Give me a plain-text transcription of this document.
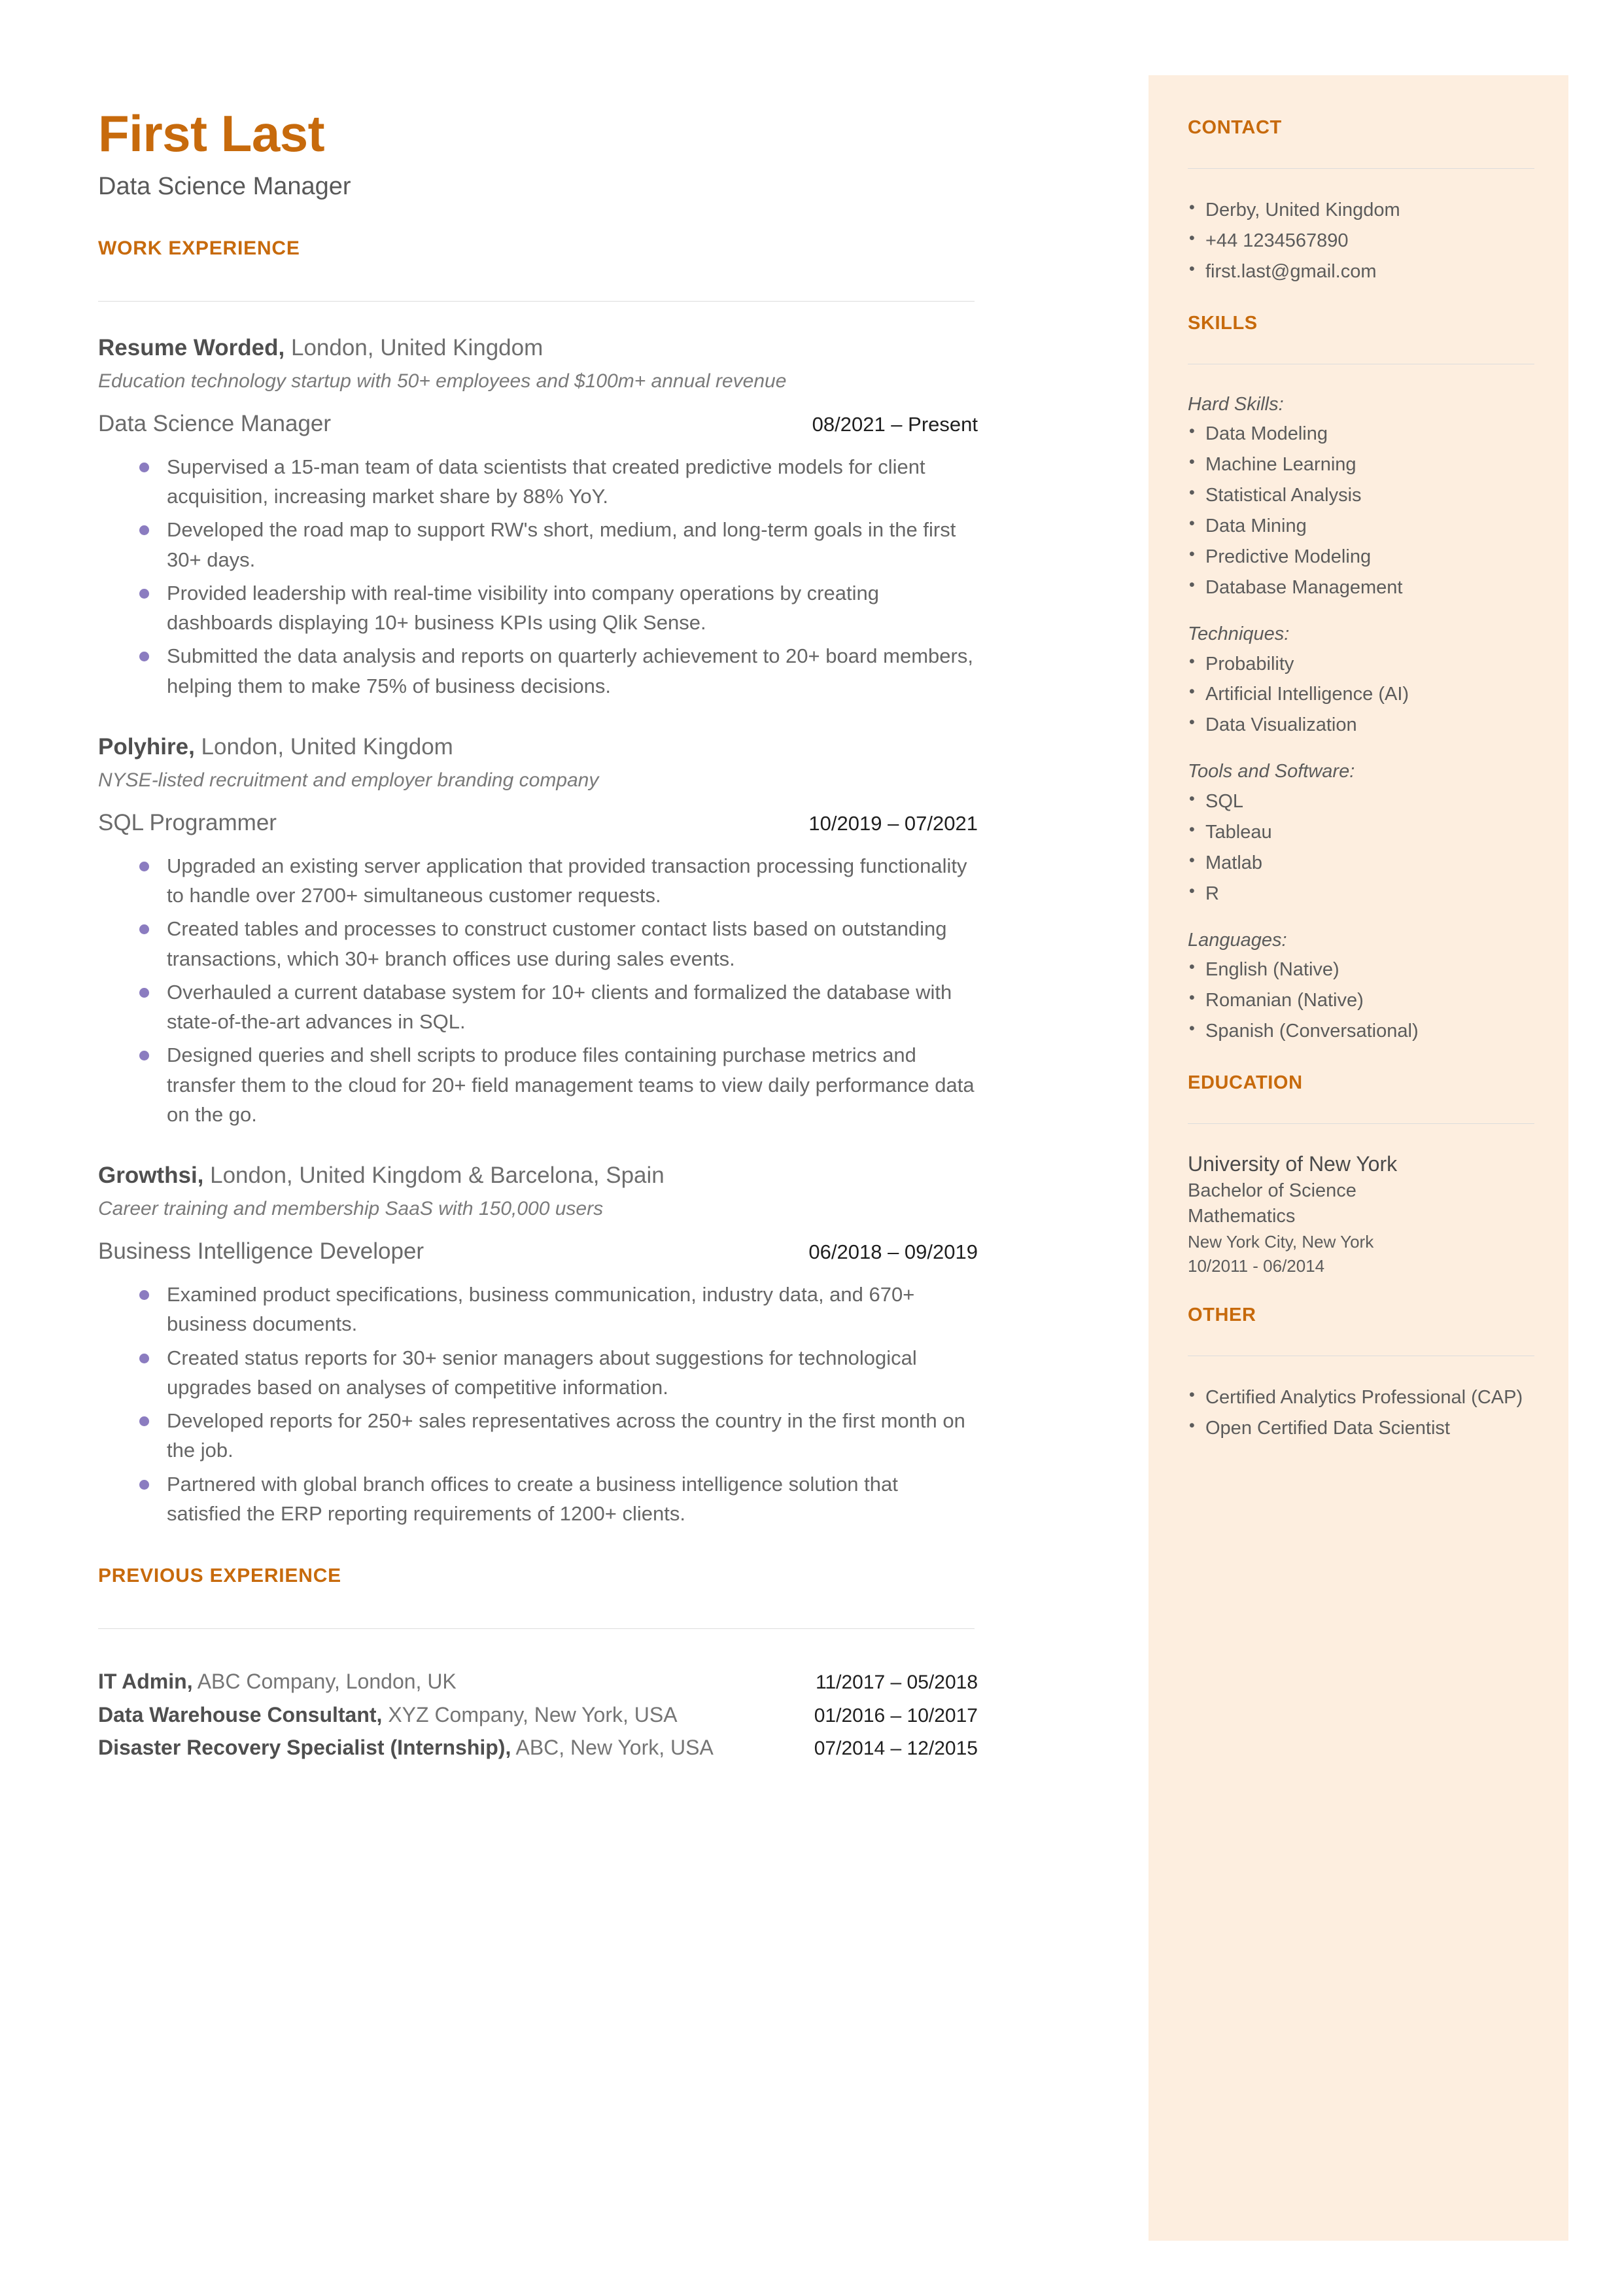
First Last
Data Science Manager
WORK EXPERIENCE

Resume Worded, London, United Kingdom

Education technology startup with 50+ employees and $100m+ annual revenue

Data Science Manager	08/2021 – Present
Supervised a 15-man team of data scientists that created predictive models for client acquisition, increasing market share by 88% YoY.
Developed the road map to support RW's short, medium, and long-term goals in the first 30+ days.
Provided leadership with real-time visibility into company operations by creating dashboards displaying 10+ business KPIs using Qlik Sense.
Submitted the data analysis and reports on quarterly achievement to 20+ board members, helping them to make 75% of business decisions.

Polyhire, London, United Kingdom

NYSE-listed recruitment and employer branding company

SQL Programmer	10/2019 – 07/2021
Upgraded an existing server application that provided transaction processing functionality to handle over 2700+ simultaneous customer requests.
Created tables and processes to construct customer contact lists based on outstanding transactions, which 30+ branch offices use during sales events.
Overhauled a current database system for 10+ clients and formalized the database with state-of-the-art advances in SQL.
Designed queries and shell scripts to produce files containing purchase metrics and transfer them to the cloud for 20+ field management teams to view daily performance data on the go.

Growthsi, London, United Kingdom & Barcelona, Spain

Career training and membership SaaS with 150,000 users

Business Intelligence Developer	06/2018 – 09/2019
Examined product specifications, business communication, industry data, and 670+ business documents.
Created status reports for 30+ senior managers about suggestions for technological upgrades based on analyses of competitive information.
Developed reports for 250+ sales representatives across the country in the first month on the job.
Partnered with global branch offices to create a business intelligence solution that satisfied the ERP reporting requirements of 1200+ clients.
PREVIOUS EXPERIENCE
IT Admin, ABC Company, London, UK	11/2017 – 05/2018
Data Warehouse Consultant, XYZ Company, New York, USA	01/2016 – 10/2017
Disaster Recovery Specialist (Internship), ABC, New York, USA	07/2014 – 12/2015
CONTACT
• Derby, United Kingdom
• +44 1234567890
• first.last@gmail.com
SKILLS

Hard Skills:

• Data Modeling
• Machine Learning
• Statistical Analysis
• Data Mining
• Predictive Modeling
• Database Management

Techniques:

• Probability
• Artificial Intelligence (AI)
• Data Visualization

Tools and Software:

• SQL
• Tableau
• Matlab
• R

Languages:

• English (Native)
• Romanian (Native)
• Spanish (Conversational)
EDUCATION

University of New York

Bachelor of Science

Mathematics

New York City, New York

10/2011 - 06/2014

OTHER
• Certified Analytics Professional (CAP)
• Open Certified Data Scientist
